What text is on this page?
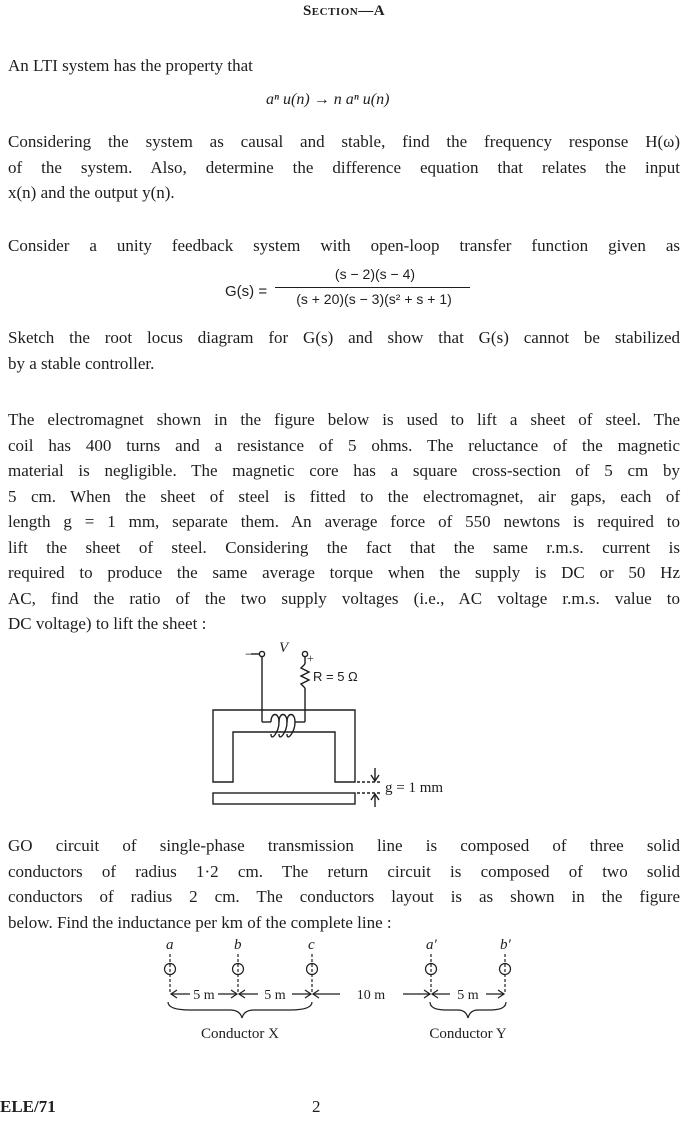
Section—A
An LTI system has the property that
aⁿ u(n) → n aⁿ u(n)
Considering the system as causal and stable, find the frequency response H(ω)
of the system. Also, determine the difference equation that relates the input
x(n) and the output y(n).
Consider a unity feedback system with open-loop transfer function given as
G(s) =
(s − 2)(s − 4)
(s + 20)(s − 3)(s² + s + 1)
Sketch the root locus diagram for G(s) and show that G(s) cannot be stabilized
by a stable controller.
The electromagnet shown in the figure below is used to lift a sheet of steel. The
coil has 400 turns and a resistance of 5 ohms. The reluctance of the magnetic
material is negligible. The magnetic core has a square cross-section of 5 cm by
5 cm. When the sheet of steel is fitted to the electromagnet, air gaps, each of
length g = 1 mm, separate them. An average force of 550 newtons is required to
lift the sheet of steel. Considering the fact that the same r.m.s. current is
required to produce the same average torque when the supply is DC or 50 Hz
AC, find the ratio of the two supply voltages (i.e., AC voltage r.m.s. value to
DC voltage) to lift the sheet :
− V
+
R = 5 Ω
g = 1 mm
GO circuit of single-phase transmission line is composed of three solid
conductors of radius 1·2 cm. The return circuit is composed of two solid
conductors of radius 2 cm. The conductors layout is as shown in the figure
below. Find the inductance per km of the complete line :
a	b	c	a′	b′
5 m	5 m	10 m	5 m
Conductor X	Conductor Y
ELE/71	2
